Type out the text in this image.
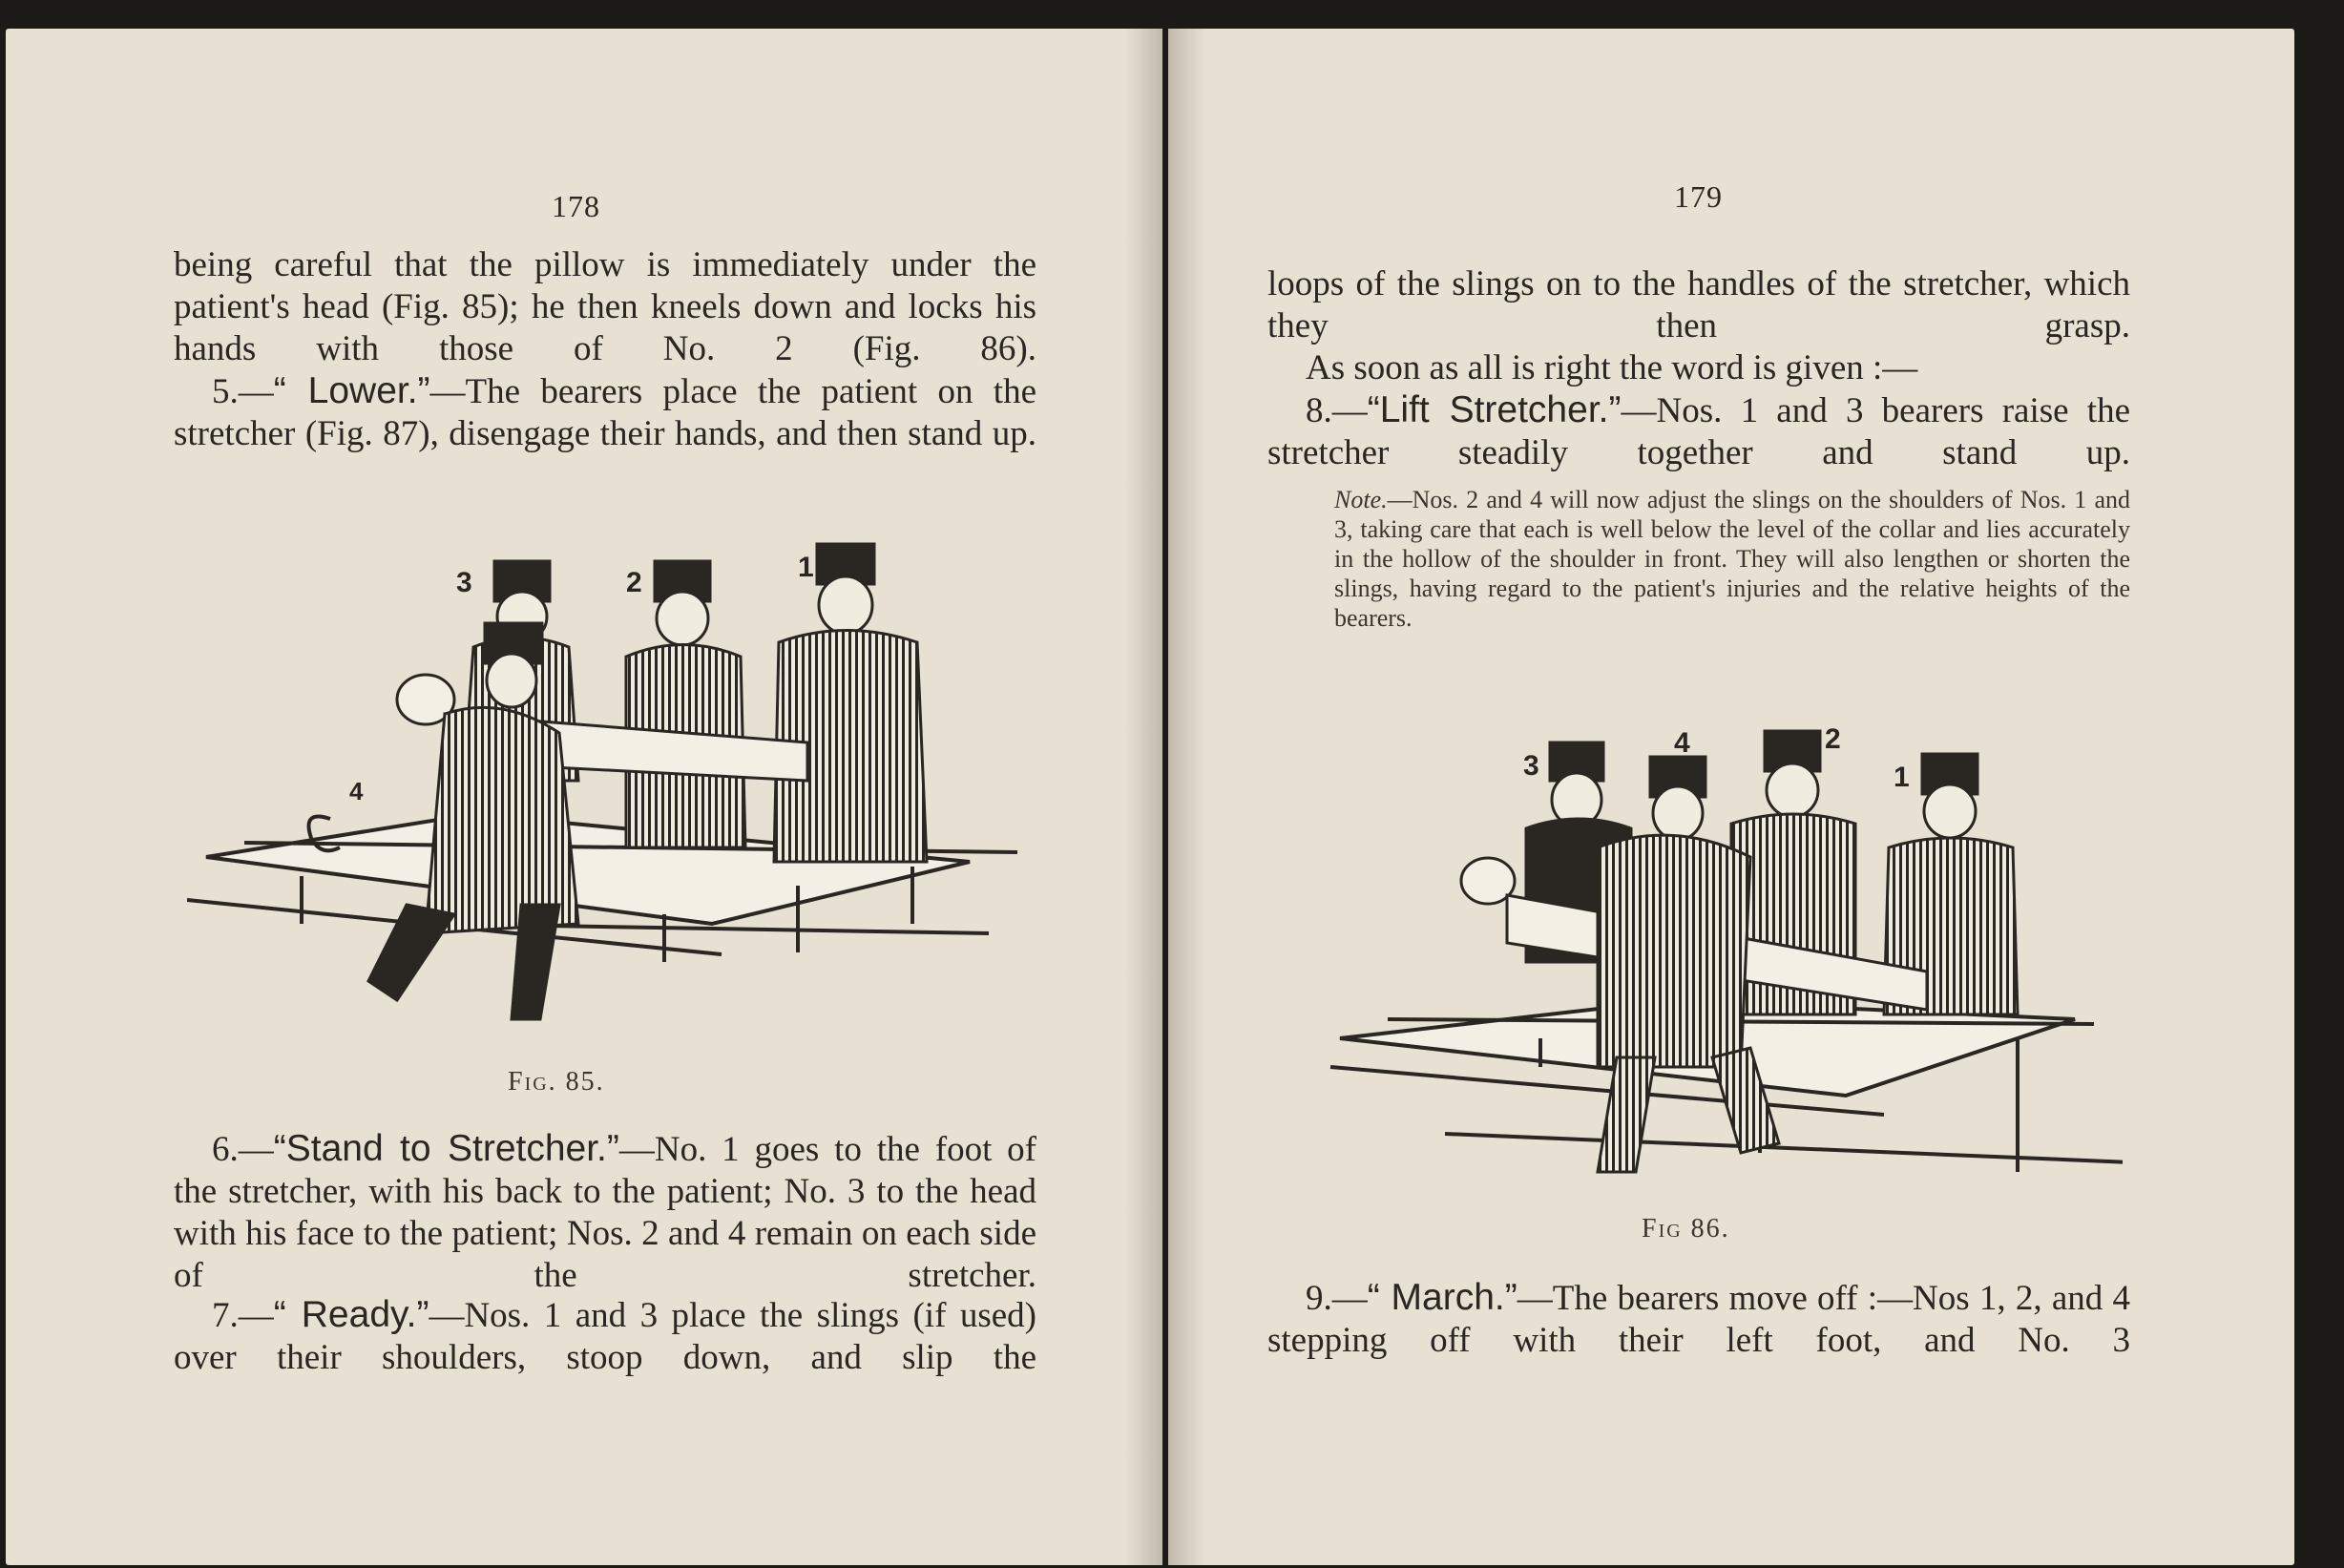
178

being careful that the pillow is immediately under the patient's head (Fig. 85); he then kneels down and locks his hands with those of No. 2 (Fig. 86).

5.—“ Lower.”—The bearers place the patient on the stretcher (Fig. 87), disengage their hands, and then stand up.

3	2	1
4
Fig. 85.

6.—“Stand to Stretcher.”—No. 1 goes to the foot of the stretcher, with his back to the patient; No. 3 to the head with his face to the patient; Nos. 2 and 4 remain on each side of the stretcher.

7.—“ Ready.”—Nos. 1 and 3 place the slings (if used) over their shoulders, stoop down, and slip the

179

loops of the slings on to the handles of the stretcher, which they then grasp.

As soon as all is right the word is given :—

8.—“Lift Stretcher.”—Nos. 1 and 3 bearers raise the stretcher steadily together and stand up.

Note.—Nos. 2 and 4 will now adjust the slings on the shoulders of Nos. 1 and 3, taking care that each is well below the level of the collar and lies accurately in the hollow of the shoulder in front. They will also lengthen or shorten the slings, having regard to the patient's injuries and the relative heights of the bearers.

3
4	2
1
Fig 86.

9.—“ March.”—The bearers move off :—Nos 1, 2, and 4 stepping off with their left foot, and No. 3
